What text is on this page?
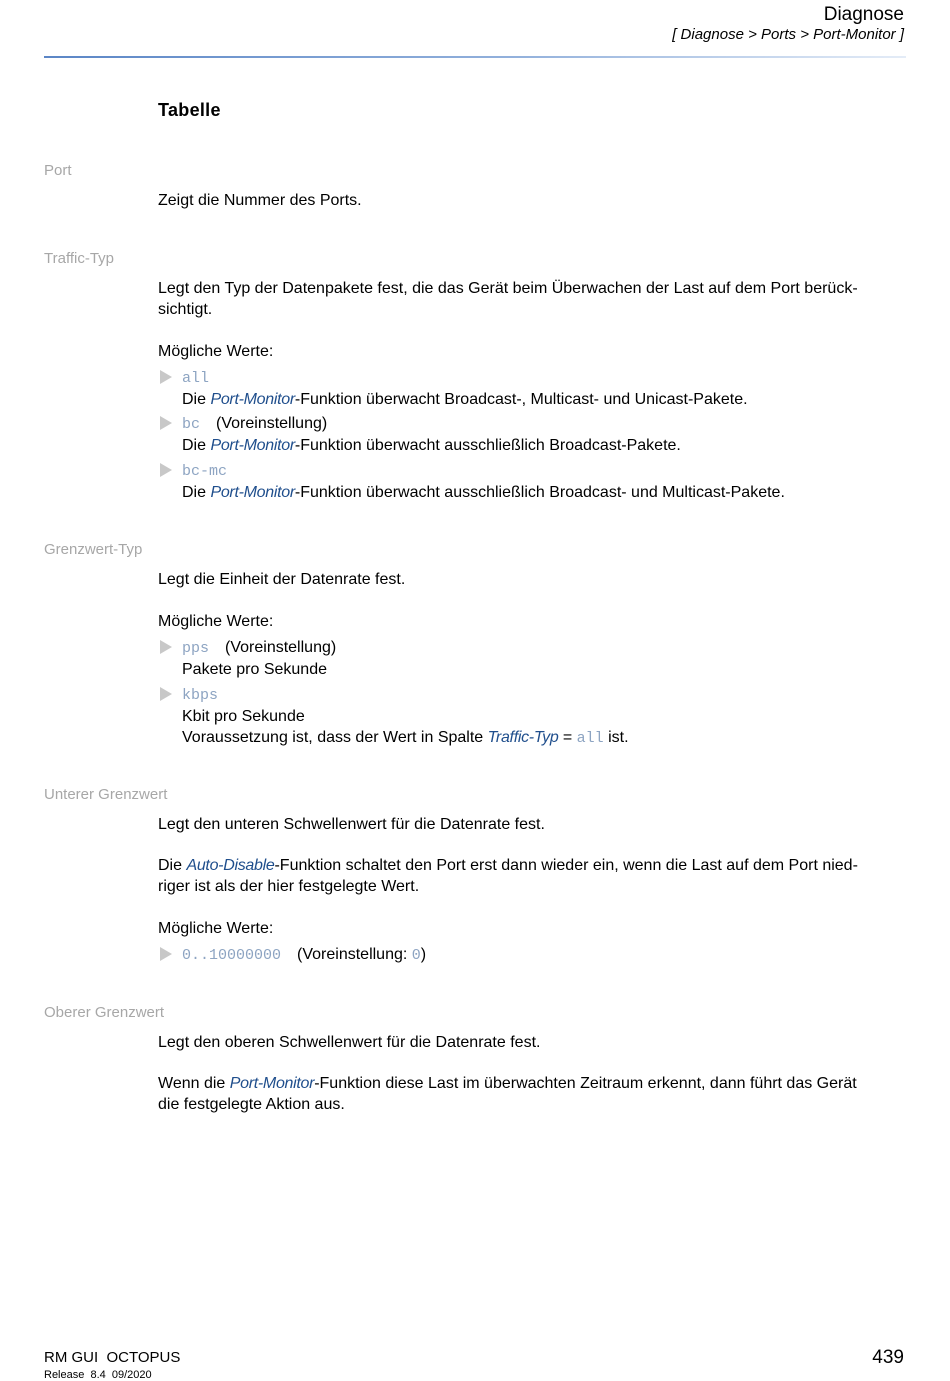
Diagnose
[ Diagnose > Ports > Port-Monitor ]
Tabelle
Port
Zeigt die Nummer des Ports.
Traffic-Typ
Legt den Typ der Datenpakete fest, die das Gerät beim Überwachen der Last auf dem Port berück-
sichtigt.
Mögliche Werte:
all
Die Port-Monitor-Funktion überwacht Broadcast-, Multicast- und Unicast-Pakete.
bc (Voreinstellung)
Die Port-Monitor-Funktion überwacht ausschließlich Broadcast-Pakete.
bc-mc
Die Port-Monitor-Funktion überwacht ausschließlich Broadcast- und Multicast-Pakete.
Grenzwert-Typ
Legt die Einheit der Datenrate fest.
Mögliche Werte:
pps (Voreinstellung)
Pakete pro Sekunde
kbps
Kbit pro Sekunde
Voraussetzung ist, dass der Wert in Spalte Traffic-Typ = all ist.
Unterer Grenzwert
Legt den unteren Schwellenwert für die Datenrate fest.
Die Auto-Disable-Funktion schaltet den Port erst dann wieder ein, wenn die Last auf dem Port nied-
riger ist als der hier festgelegte Wert.
Mögliche Werte:
0..10000000 (Voreinstellung: 0)
Oberer Grenzwert
Legt den oberen Schwellenwert für die Datenrate fest.
Wenn die Port-Monitor-Funktion diese Last im überwachten Zeitraum erkennt, dann führt das Gerät
die festgelegte Aktion aus.
RM GUI  OCTOPUS
Release  8.4  09/2020
439
